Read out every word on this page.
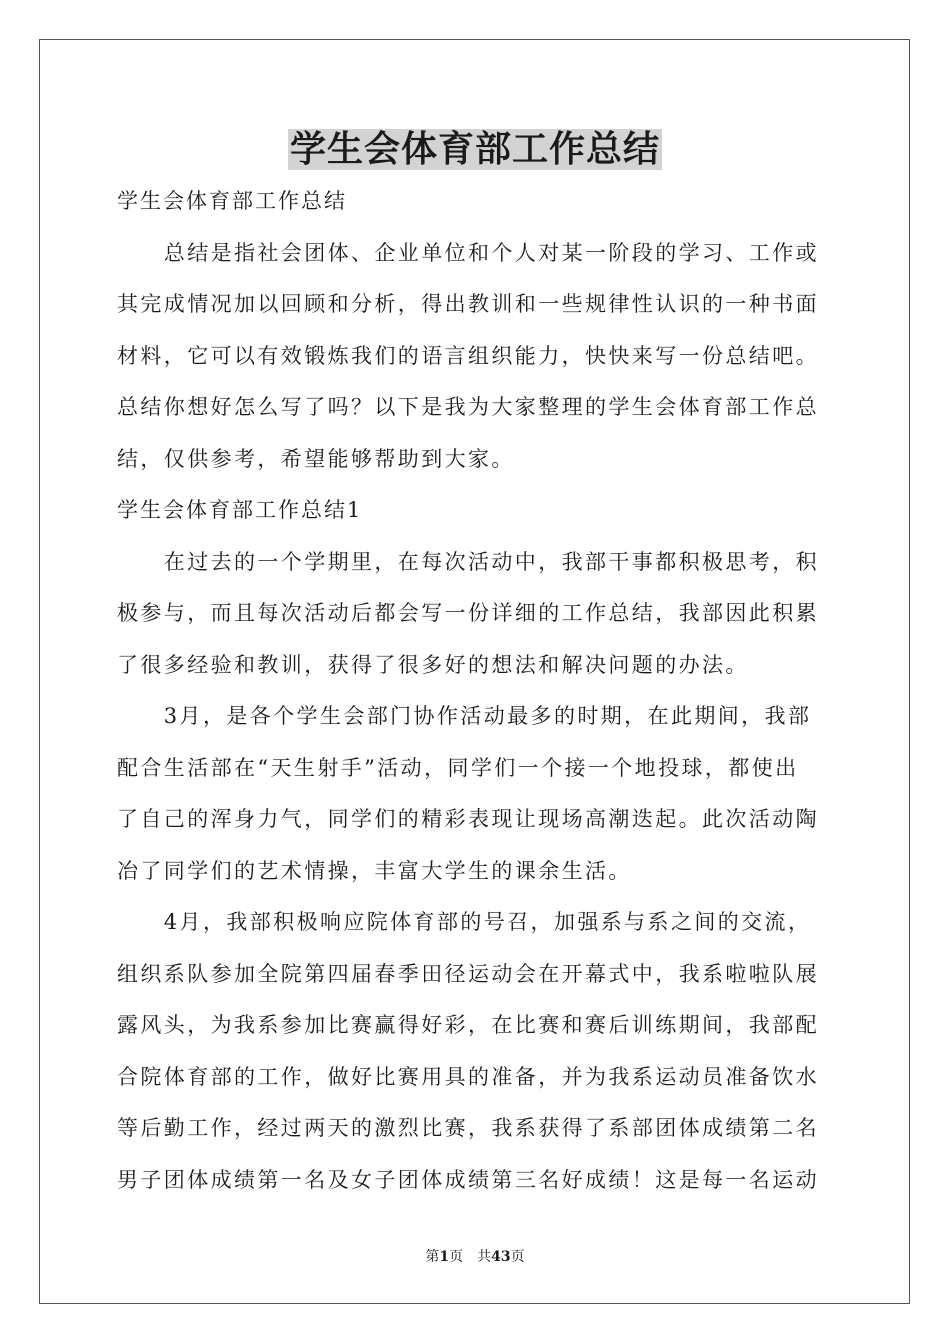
学生会体育部工作总结
学生会体育部工作总结
　　总结是指社会团体、企业单位和个人对某一阶段的学习、工作或
其完成情况加以回顾和分析，得出教训和一些规律性认识的一种书面
材料，它可以有效锻炼我们的语言组织能力，快快来写一份总结吧。
总结你想好怎么写了吗？以下是我为大家整理的学生会体育部工作总
结，仅供参考，希望能够帮助到大家。
学生会体育部工作总结1
　　在过去的一个学期里，在每次活动中，我部干事都积极思考，积
极参与，而且每次活动后都会写一份详细的工作总结，我部因此积累
了很多经验和教训，获得了很多好的想法和解决问题的办法。
　　3月，是各个学生会部门协作活动最多的时期，在此期间，我部
配合生活部在“天生射手”活动，同学们一个接一个地投球，都使出
了自己的浑身力气，同学们的精彩表现让现场高潮迭起。此次活动陶
冶了同学们的艺术情操，丰富大学生的课余生活。
　　4月，我部积极响应院体育部的号召，加强系与系之间的交流，
组织系队参加全院第四届春季田径运动会在开幕式中，我系啦啦队展
露风头，为我系参加比赛赢得好彩，在比赛和赛后训练期间，我部配
合院体育部的工作，做好比赛用具的准备，并为我系运动员准备饮水
等后勤工作，经过两天的激烈比赛，我系获得了系部团体成绩第二名
男子团体成绩第一名及女子团体成绩第三名好成绩！这是每一名运动
第1页 共43页
